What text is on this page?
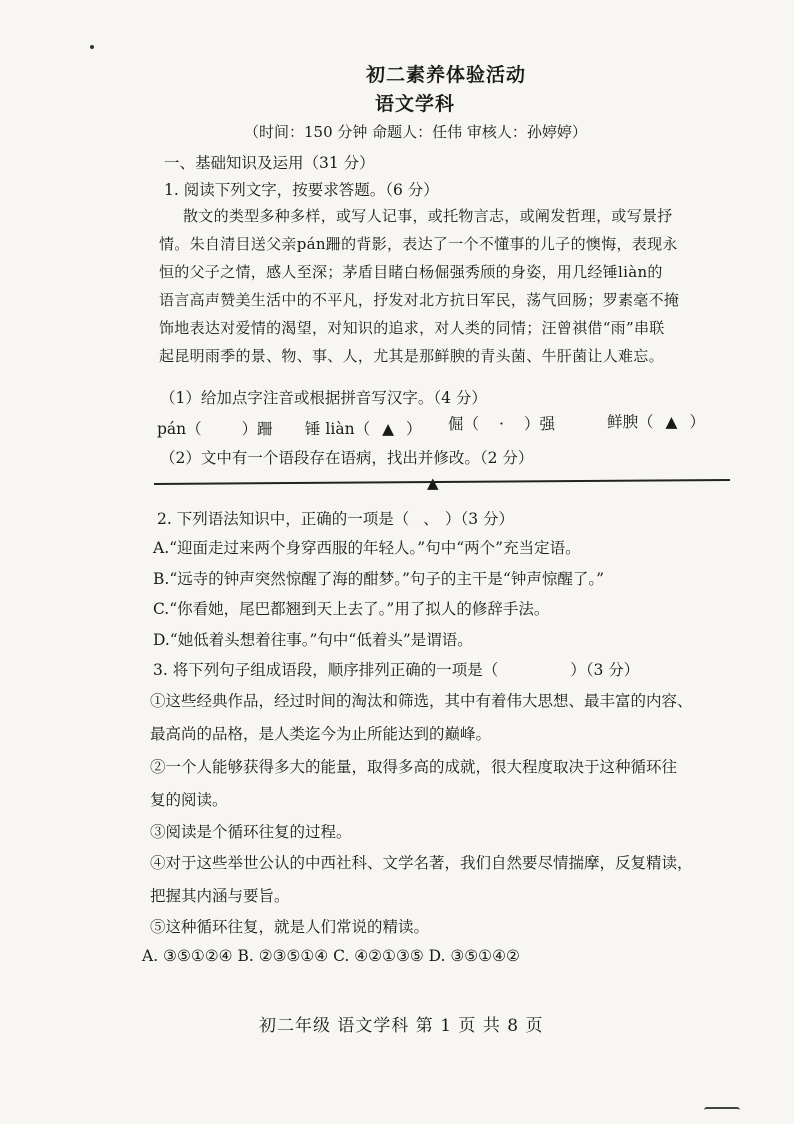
初二素养体验活动
语文学科
（时间：150 分钟 命题人：任伟 审核人：孙婷婷）
一、基础知识及运用（31 分）
1. 阅读下列文字，按要求答题。（6 分）
散文的类型多种多样，或写人记事，或托物言志，或阐发哲理，或写景抒
情。朱自清目送父亲pán跚的背影，表达了一个不懂事的儿子的懊悔，表现永
恒的父子之情，感人至深；茅盾目睹白杨倔强秀颀的身姿，用几经锤liàn的
语言高声赞美生活中的不平凡，抒发对北方抗日军民，荡气回肠；罗素毫不掩
饰地表达对爱情的渴望，对知识的追求，对人类的同情；汪曾祺借“雨”串联
起昆明雨季的景、物、事、人，尤其是那鲜腴的青头菌、牛肝菌让人难忘。
（1）给加点字注音或根据拼音写汉字。（4 分）
pán（	）跚 锤 liàn（ ▲ ） 倔（ · ）强	鲜腴（ ▲ ）
（2）文中有一个语段存在语病，找出并修改。（2 分）
▲
2. 下列语法知识中，正确的一项是（ 、 ）（3 分）
A.“迎面走过来两个身穿西服的年轻人。”句中“两个”充当定语。
B.“远寺的钟声突然惊醒了海的酣梦。”句子的主干是“钟声惊醒了。”
C.“你看她，尾巴都翘到天上去了。”用了拟人的修辞手法。
D.“她低着头想着往事。”句中“低着头”是谓语。
3. 将下列句子组成语段，顺序排列正确的一项是（	）（3 分）
①这些经典作品，经过时间的淘汰和筛选，其中有着伟大思想、最丰富的内容、
最高尚的品格，是人类迄今为止所能达到的巅峰。
②一个人能够获得多大的能量，取得多高的成就，很大程度取决于这种循环往
复的阅读。
③阅读是个循环往复的过程。
④对于这些举世公认的中西社科、文学名著，我们自然要尽情揣摩，反复精读，
把握其内涵与要旨。
⑤这种循环往复，就是人们常说的精读。
A. ③⑤①②④ B. ②③⑤①④ C. ④②①③⑤ D. ③⑤①④②
初二年级 语文学科 第 1 页 共 8 页
